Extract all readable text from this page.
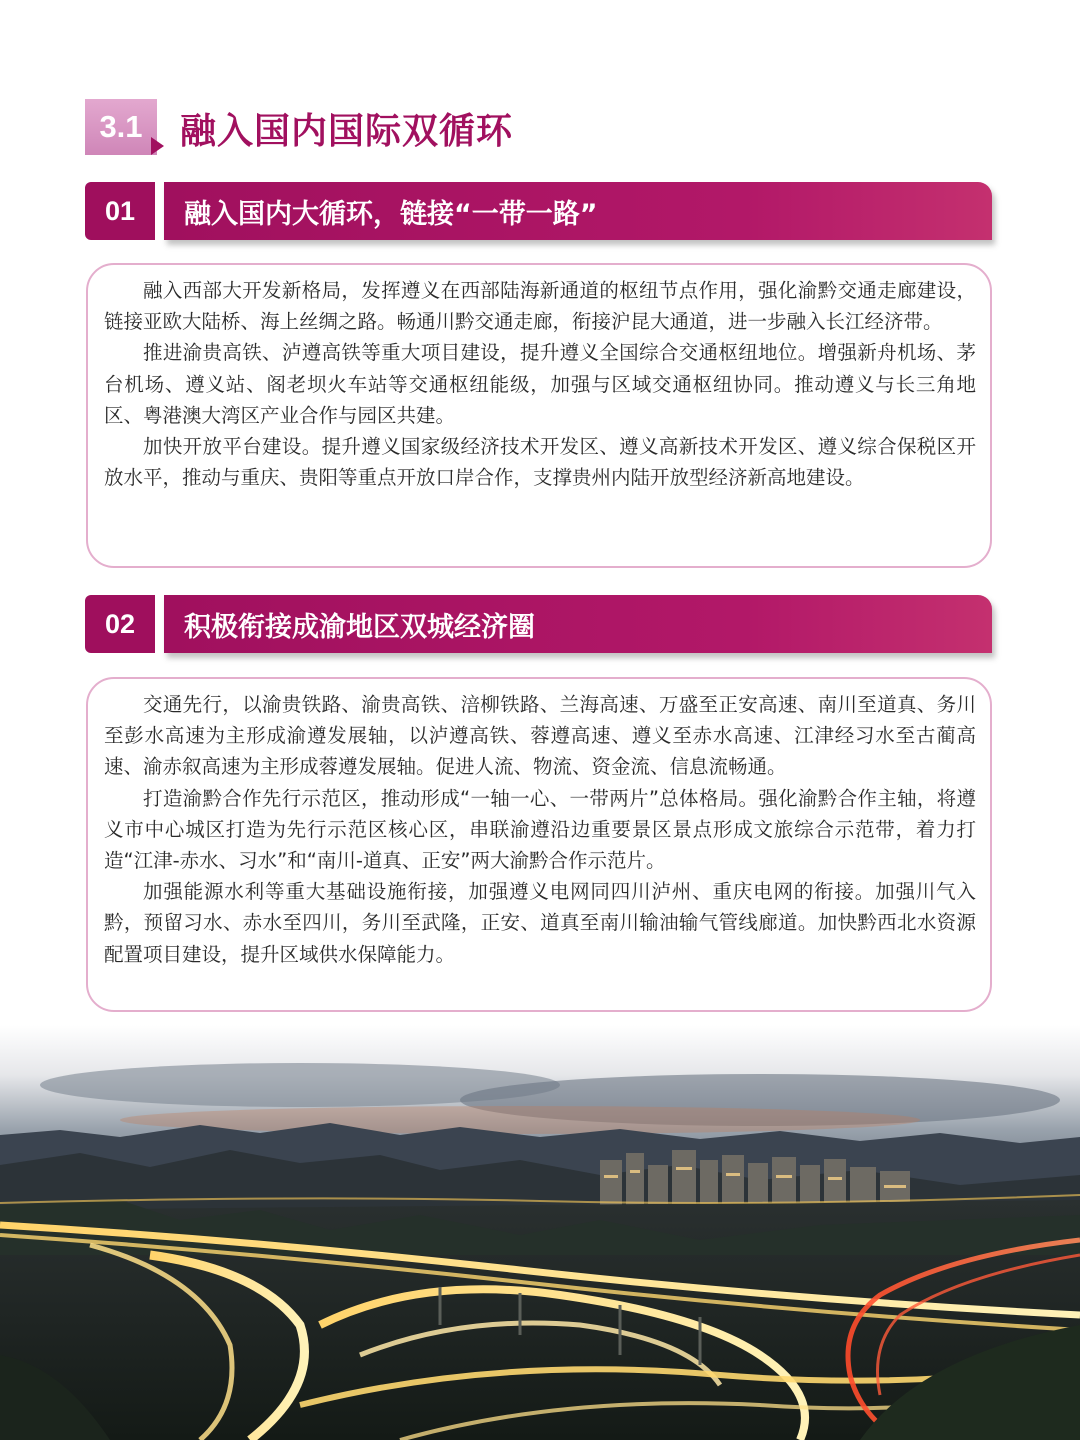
3.1 融入国内国际双循环
01 融入国内大循环，链接“一带一路”

融入西部大开发新格局，发挥遵义在西部陆海新通道的枢纽节点作用，强化渝黔交通走廊建设，链接亚欧大陆桥、海上丝绸之路。畅通川黔交通走廊，衔接沪昆大通道，进一步融入长江经济带。

推进渝贵高铁、泸遵高铁等重大项目建设，提升遵义全国综合交通枢纽地位。增强新舟机场、茅台机场、遵义站、阁老坝火车站等交通枢纽能级，加强与区域交通枢纽协同。推动遵义与长三角地区、粤港澳大湾区产业合作与园区共建。

加快开放平台建设。提升遵义国家级经济技术开发区、遵义高新技术开发区、遵义综合保税区开放水平，推动与重庆、贵阳等重点开放口岸合作，支撑贵州内陆开放型经济新高地建设。

02 积极衔接成渝地区双城经济圈

交通先行，以渝贵铁路、渝贵高铁、涪柳铁路、兰海高速、万盛至正安高速、南川至道真、务川至彭水高速为主形成渝遵发展轴，以泸遵高铁、蓉遵高速、遵义至赤水高速、江津经习水至古蔺高速、渝赤叙高速为主形成蓉遵发展轴。促进人流、物流、资金流、信息流畅通。

打造渝黔合作先行示范区，推动形成“一轴一心、一带两片”总体格局。强化渝黔合作主轴，将遵义市中心城区打造为先行示范区核心区，串联渝遵沿边重要景区景点形成文旅综合示范带，着力打造“江津-赤水、习水”和“南川-道真、正安”两大渝黔合作示范片。

加强能源水利等重大基础设施衔接，加强遵义电网同四川泸州、重庆电网的衔接。加强川气入黔，预留习水、赤水至四川，务川至武隆，正安、道真至南川输油输气管线廊道。加快黔西北水资源配置项目建设，提升区域供水保障能力。
